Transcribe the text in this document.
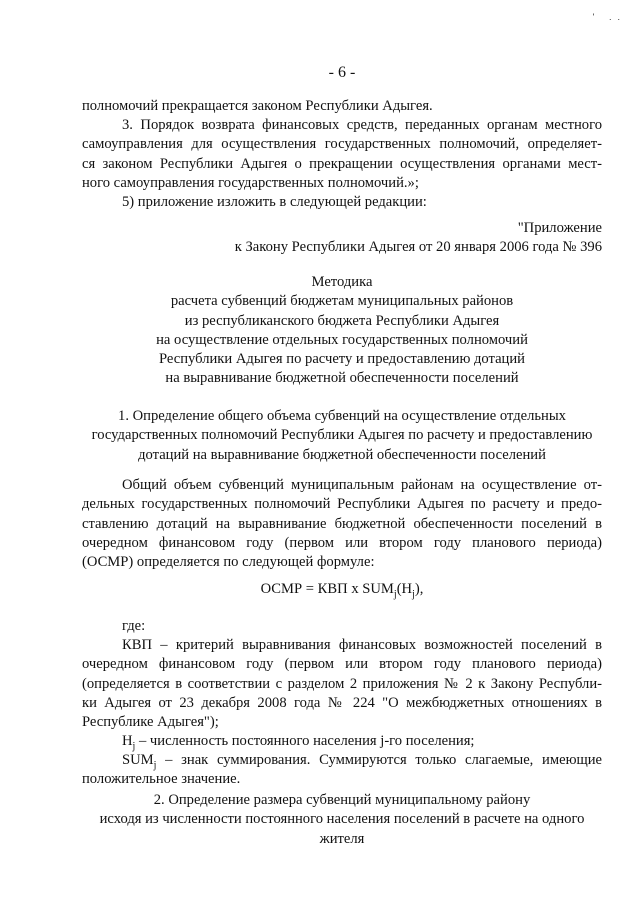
' ..
- 6 -
полномочий прекращается законом Республики Адыгея.
3. Порядок возврата финансовых средств, переданных органам местного
самоуправления для осуществления государственных полномочий, определяет-
ся законом Республики Адыгея о прекращении осуществления органами мест-
ного самоуправления государственных полномочий.»;
5) приложение изложить в следующей редакции:
"Приложение
к Закону Республики Адыгея от 20 января 2006 года № 396
Методика
расчета субвенций бюджетам муниципальных районов
из республиканского бюджета Республики Адыгея
на осуществление отдельных государственных полномочий
Республики Адыгея по расчету и предоставлению дотаций
на выравнивание бюджетной обеспеченности поселений
1. Определение общего объема субвенций на осуществление отдельных
государственных полномочий Республики Адыгея по расчету и предоставлению
дотаций на выравнивание бюджетной обеспеченности поселений
Общий объем субвенций муниципальным районам на осуществление от-
дельных государственных полномочий Республики Адыгея по расчету и предо-
ставлению дотаций на выравнивание бюджетной обеспеченности поселений в
очередном финансовом году (первом или втором году планового периода)
(ОСМР) определяется по следующей формуле:
ОСМР = КВП x $SUM_j(H_j)$,
где:
КВП – критерий выравнивания финансовых возможностей поселений в
очередном финансовом году (первом или втором году планового периода)
(определяется в соответствии с разделом 2 приложения № 2 к Закону Республи-
ки Адыгея от 23 декабря 2008 года № 224 "О межбюджетных отношениях в
Республике Адыгея");
$H_j$ – численность постоянного населения j-го поселения;
$SUM_j$ – знак суммирования. Суммируются только слагаемые, имеющие
положительное значение.
2. Определение размера субвенций муниципальному району
исходя из численности постоянного населения поселений в расчете на одного
жителя
